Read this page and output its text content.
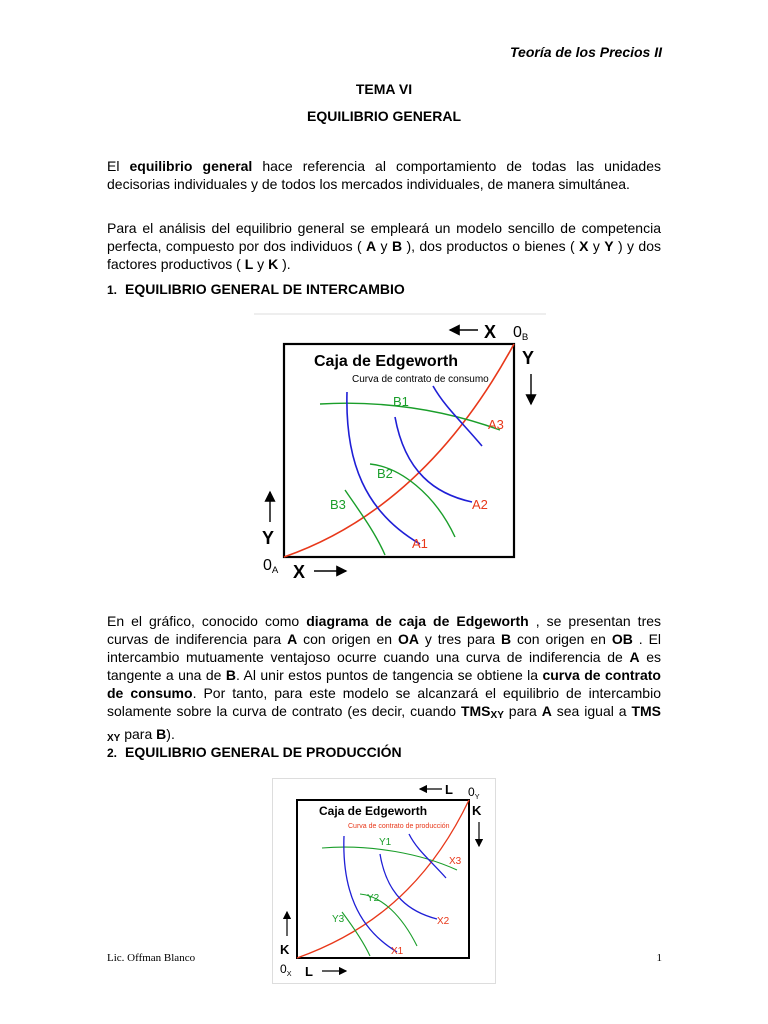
Teoría de los Precios II
TEMA VI
EQUILIBRIO GENERAL
El equilibrio general hace referencia al comportamiento de todas las unidades decisorias individuales y de todos los mercados individuales, de manera simultánea.
Para el análisis del equilibrio general se empleará un modelo sencillo de competencia perfecta, compuesto por dos individuos ( A y B ), dos productos o bienes ( X y Y ) y dos factores productivos ( L y K ).
1. EQUILIBRIO GENERAL DE INTERCAMBIO
Caja de Edgeworth
Curva de contrato de consumo
B1
B2
B3
A1
A2
A3
X 0B
Y
Y
0A X
En el gráfico, conocido como diagrama de caja de Edgeworth , se presentan tres curvas de indiferencia para A con origen en OA y tres para B con origen en OB . El intercambio mutuamente ventajoso ocurre cuando una curva de indiferencia de A es tangente a una de B. Al unir estos puntos de tangencia se obtiene la curva de contrato de consumo. Por tanto, para este modelo se alcanzará el equilibrio de intercambio solamente sobre la curva de contrato (es decir, cuando $TMS_{XY}$ para A sea igual a TMS $_{XY}$ para B).
2. EQUILIBRIO GENERAL DE PRODUCCIÓN
Caja de Edgeworth
Curva de contrato de producción
Y1
Y2
Y3
X1
X2
X3
L $0_Y$
K
K
$0_X$ L
Lic. Offman Blanco	1
